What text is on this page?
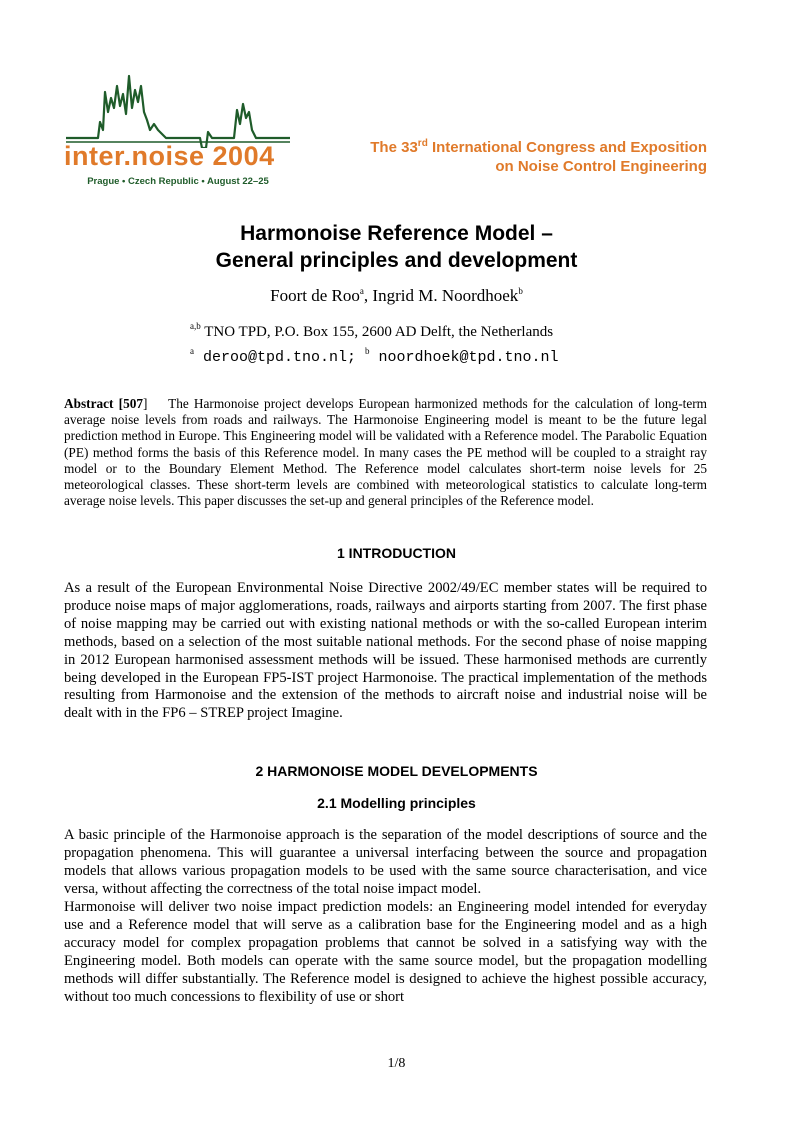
inter.noise 2004
Prague • Czech Republic • August 22–25
The 33rd International Congress and Exposition
on Noise Control Engineering
Harmonoise Reference Model –
General principles and development
Foort de Roo$^a$, Ingrid M. Noordhoek$^b$
$^{a,b}$ TNO TPD, P.O. Box 155, 2600 AD Delft, the Netherlands
$^a$ deroo@tpd.tno.nl; $^b$ noordhoek@tpd.tno.nl

Abstract [507] The Harmonoise project develops European harmonized methods for the calculation of long-term average noise levels from roads and railways. The Harmonoise Engineering model is meant to be the future legal prediction method in Europe. This Engineering model will be validated with a Reference model. The Parabolic Equation (PE) method forms the basis of this Reference model. In many cases the PE method will be coupled to a straight ray model or to the Boundary Element Method. The Reference model calculates short-term noise levels for 25 meteorological classes. These short-term levels are combined with meteorological statistics to calculate long-term average noise levels. This paper discusses the set-up and general principles of the Reference model.

1 INTRODUCTION

As a result of the European Environmental Noise Directive 2002/49/EC member states will be required to produce noise maps of major agglomerations, roads, railways and airports starting from 2007. The first phase of noise mapping may be carried out with existing national methods or with the so-called European interim methods, based on a selection of the most suitable national methods. For the second phase of noise mapping in 2012 European harmonised assessment methods will be issued. These harmonised methods are currently being developed in the European FP5-IST project Harmonoise. The practical implementation of the methods resulting from Harmonoise and the extension of the methods to aircraft noise and industrial noise will be dealt with in the FP6 – STREP project Imagine.

2 HARMONOISE MODEL DEVELOPMENTS
2.1 Modelling principles

A basic principle of the Harmonoise approach is the separation of the model descriptions of source and the propagation phenomena. This will guarantee a universal interfacing between the source and propagation models that allows various propagation models to be used with the same source characterisation, and vice versa, without affecting the correctness of the total noise impact model.

Harmonoise will deliver two noise impact prediction models: an Engineering model intended for everyday use and a Reference model that will serve as a calibration base for the Engineering model and as a high accuracy model for complex propagation problems that cannot be solved in a satisfying way with the Engineering model. Both models can operate with the same source model, but the propagation modelling methods will differ substantially. The Reference model is designed to achieve the highest possible accuracy, without too much concessions to flexibility of use or short

1/8
